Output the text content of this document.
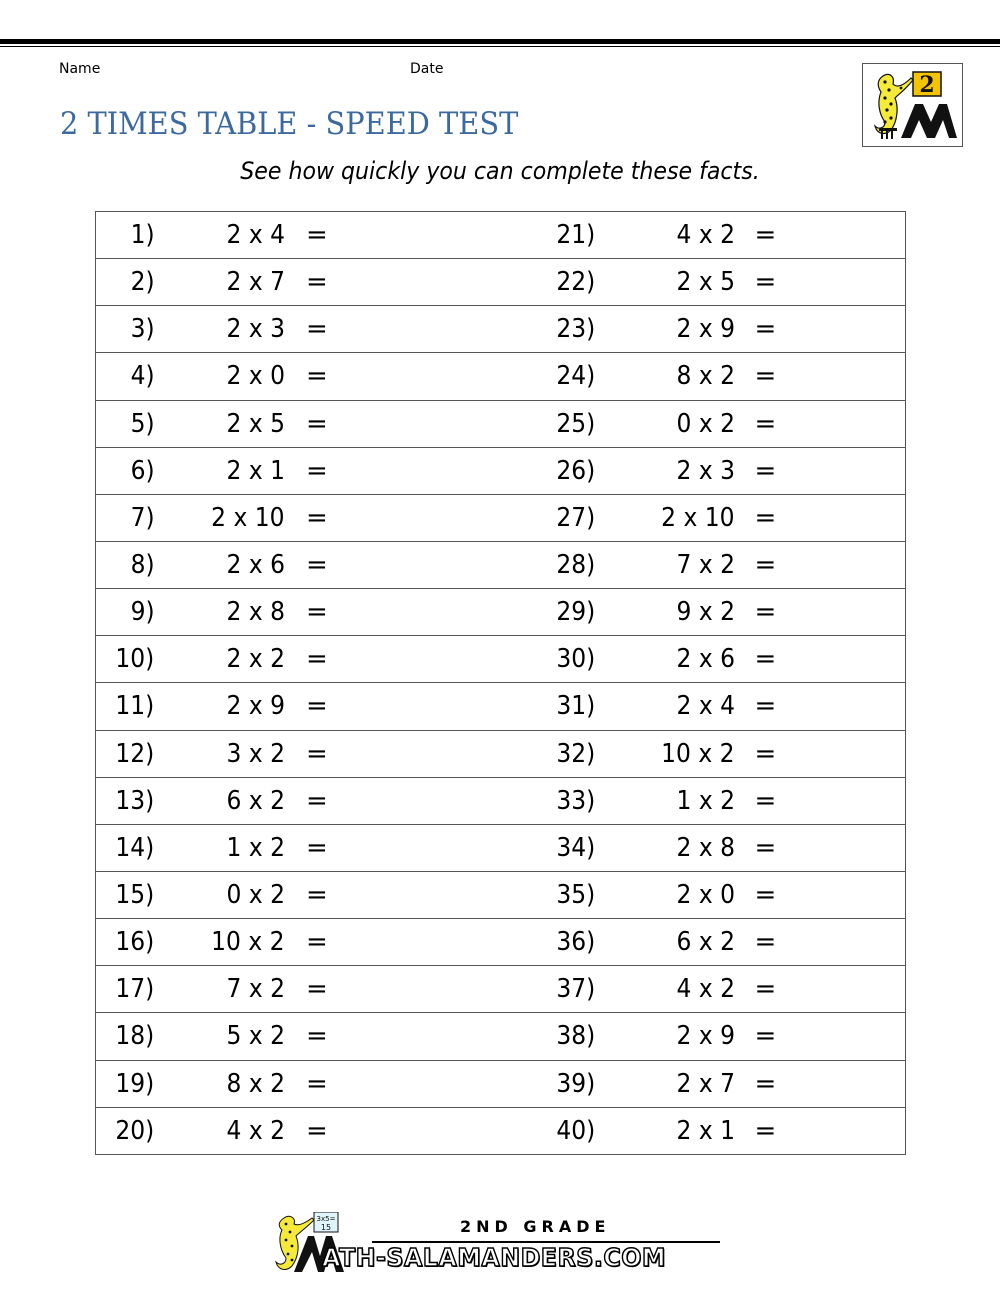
Name	Date
2 TIMES TABLE - SPEED TEST
See how quickly you can complete these facts.
2
1)	2 x 4 =	21)	4 x 2 =
2)	2 x 7 =	22)	2 x 5 =
3)	2 x 3 =	23)	2 x 9 =
4)	2 x 0 =	24)	8 x 2 =
5)	2 x 5 =	25)	0 x 2 =
6)	2 x 1 =	26)	2 x 3 =
7) 2 x 10 =	27)	2 x 10 =
8)	2 x 6 =	28)	7 x 2 =
9)	2 x 8 =	29)	9 x 2 =
10)	2 x 2 =	30)	2 x 6 =
11)	2 x 9 =	31)	2 x 4 =
12)	3 x 2 =	32)	10 x 2 =
13)	6 x 2 =	33)	1 x 2 =
14)	1 x 2 =	34)	2 x 8 =
15)	0 x 2 =	35)	2 x 0 =
16) 10 x 2 =	36)	6 x 2 =
17)	7 x 2 =	37)	4 x 2 =
18)	5 x 2 =	38)	2 x 9 =
19)	8 x 2 =	39)	2 x 7 =
20)	4 x 2 =	40)	2 x 1 =
3x5=
15	2ND GRADE
ATH-SALAMANDERS.COM
